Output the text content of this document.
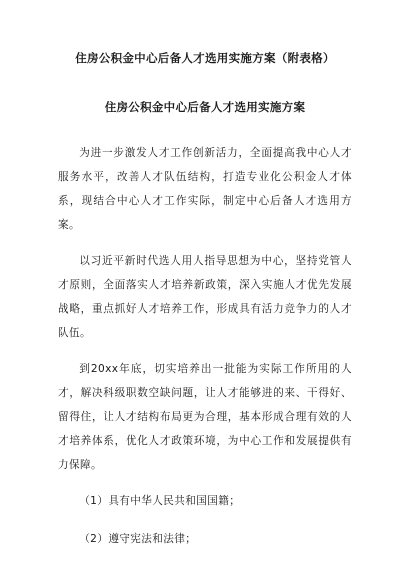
住房公积金中心后备人才选用实施方案（附表格）
住房公积金中心后备人才选用实施方案

为进一步激发人才工作创新活力，全面提高我中心人才服务水平，改善人才队伍结构，打造专业化公积金人才体系，现结合中心人才工作实际，制定中心后备人才选用方案。

以习近平新时代选人用人指导思想为中心，坚持党管人才原则，全面落实人才培养新政策，深入实施人才优先发展战略，重点抓好人才培养工作，形成具有活力竞争力的人才队伍。

到20xx年底，切实培养出一批能为实际工作所用的人才，解决科级职数空缺问题，让人才能够进的来、干得好、留得住，让人才结构布局更为合理，基本形成合理有效的人才培养体系，优化人才政策环境，为中心工作和发展提供有力保障。

（1）具有中华人民共和国国籍；
（2）遵守宪法和法律；
